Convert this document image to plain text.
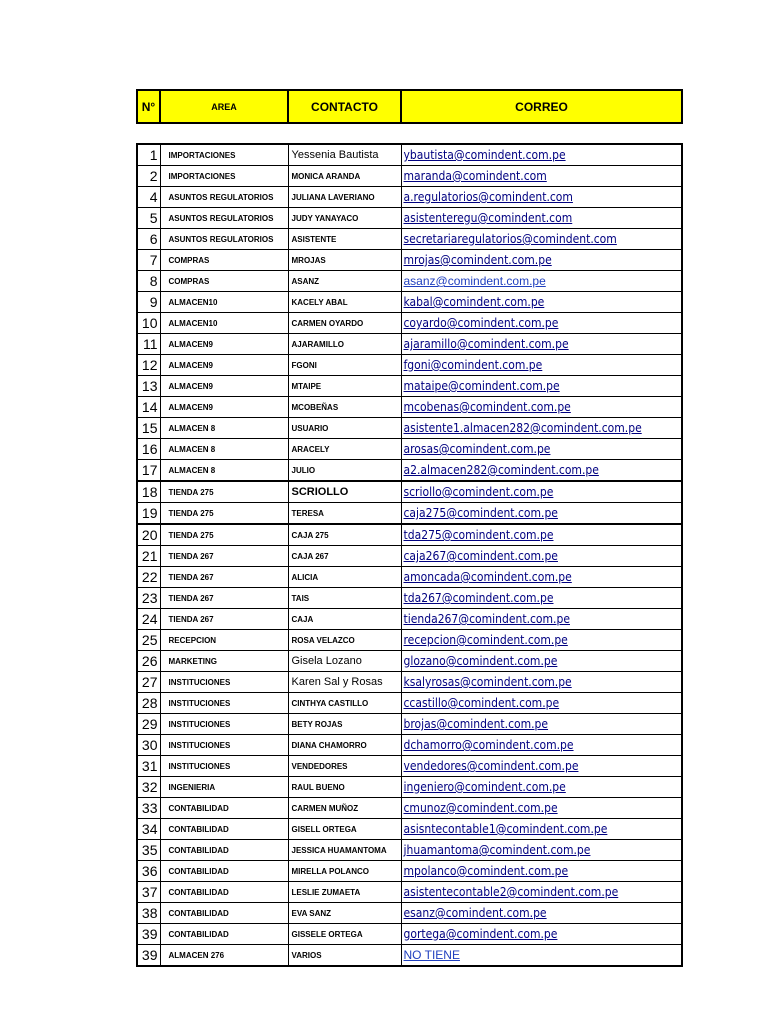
N°	AREA	CONTACTO	CORREO
1	IMPORTACIONES	Yessenia Bautista	ybautista@comindent.com.pe
2	IMPORTACIONES	MONICA ARANDA	maranda@comindent.com
4	ASUNTOS REGULATORIOS	JULIANA LAVERIANO	a.regulatorios@comindent.com
5	ASUNTOS REGULATORIOS	JUDY YANAYACO	asistenteregu@comindent.com
6	ASUNTOS REGULATORIOS	ASISTENTE	secretariaregulatorios@comindent.com
7	COMPRAS	MROJAS	mrojas@comindent.com.pe
8	COMPRAS	ASANZ	asanz@comindent.com.pe
9	ALMACEN10	KACELY ABAL	kabal@comindent.com.pe
10	ALMACEN10	CARMEN OYARDO	coyardo@comindent.com.pe
11	ALMACEN9	AJARAMILLO	ajaramillo@comindent.com.pe
12	ALMACEN9	FGONI	fgoni@comindent.com.pe
13	ALMACEN9	MTAIPE	mataipe@comindent.com.pe
14	ALMACEN9	MCOBEÑAS	mcobenas@comindent.com.pe
15	ALMACEN 8	USUARIO	asistente1.almacen282@comindent.com.pe
16	ALMACEN 8	ARACELY	arosas@comindent.com.pe
17	ALMACEN 8	JULIO	a2.almacen282@comindent.com.pe
18	TIENDA 275	SCRIOLLO	scriollo@comindent.com.pe
19	TIENDA 275	TERESA	caja275@comindent.com.pe
20	TIENDA 275	CAJA 275	tda275@comindent.com.pe
21	TIENDA 267	CAJA 267	caja267@comindent.com.pe
22	TIENDA 267	ALICIA	amoncada@comindent.com.pe
23	TIENDA 267	TAIS	tda267@comindent.com.pe
24	TIENDA 267	CAJA	tienda267@comindent.com.pe
25	RECEPCION	ROSA VELAZCO	recepcion@comindent.com.pe
26	MARKETING	Gisela Lozano	glozano@comindent.com.pe
27	INSTITUCIONES	Karen Sal y Rosas	ksalyrosas@comindent.com.pe
28	INSTITUCIONES	CINTHYA CASTILLO	ccastillo@comindent.com.pe
29	INSTITUCIONES	BETY ROJAS	brojas@comindent.com.pe
30	INSTITUCIONES	DIANA CHAMORRO	dchamorro@comindent.com.pe
31	INSTITUCIONES	VENDEDORES	vendedores@comindent.com.pe
32	INGENIERIA	RAUL BUENO	ingeniero@comindent.com.pe
33	CONTABILIDAD	CARMEN MUÑOZ	cmunoz@comindent.com.pe
34	CONTABILIDAD	GISELL ORTEGA	asisntecontable1@comindent.com.pe
35	CONTABILIDAD	JESSICA HUAMANTOMA	jhuamantoma@comindent.com.pe
36	CONTABILIDAD	MIRELLA POLANCO	mpolanco@comindent.com.pe
37	CONTABILIDAD	LESLIE ZUMAETA	asistentecontable2@comindent.com.pe
38	CONTABILIDAD	EVA SANZ	esanz@comindent.com.pe
39	CONTABILIDAD	GISSELE ORTEGA	gortega@comindent.com.pe
39	ALMACEN 276	VARIOS	NO TIENE
